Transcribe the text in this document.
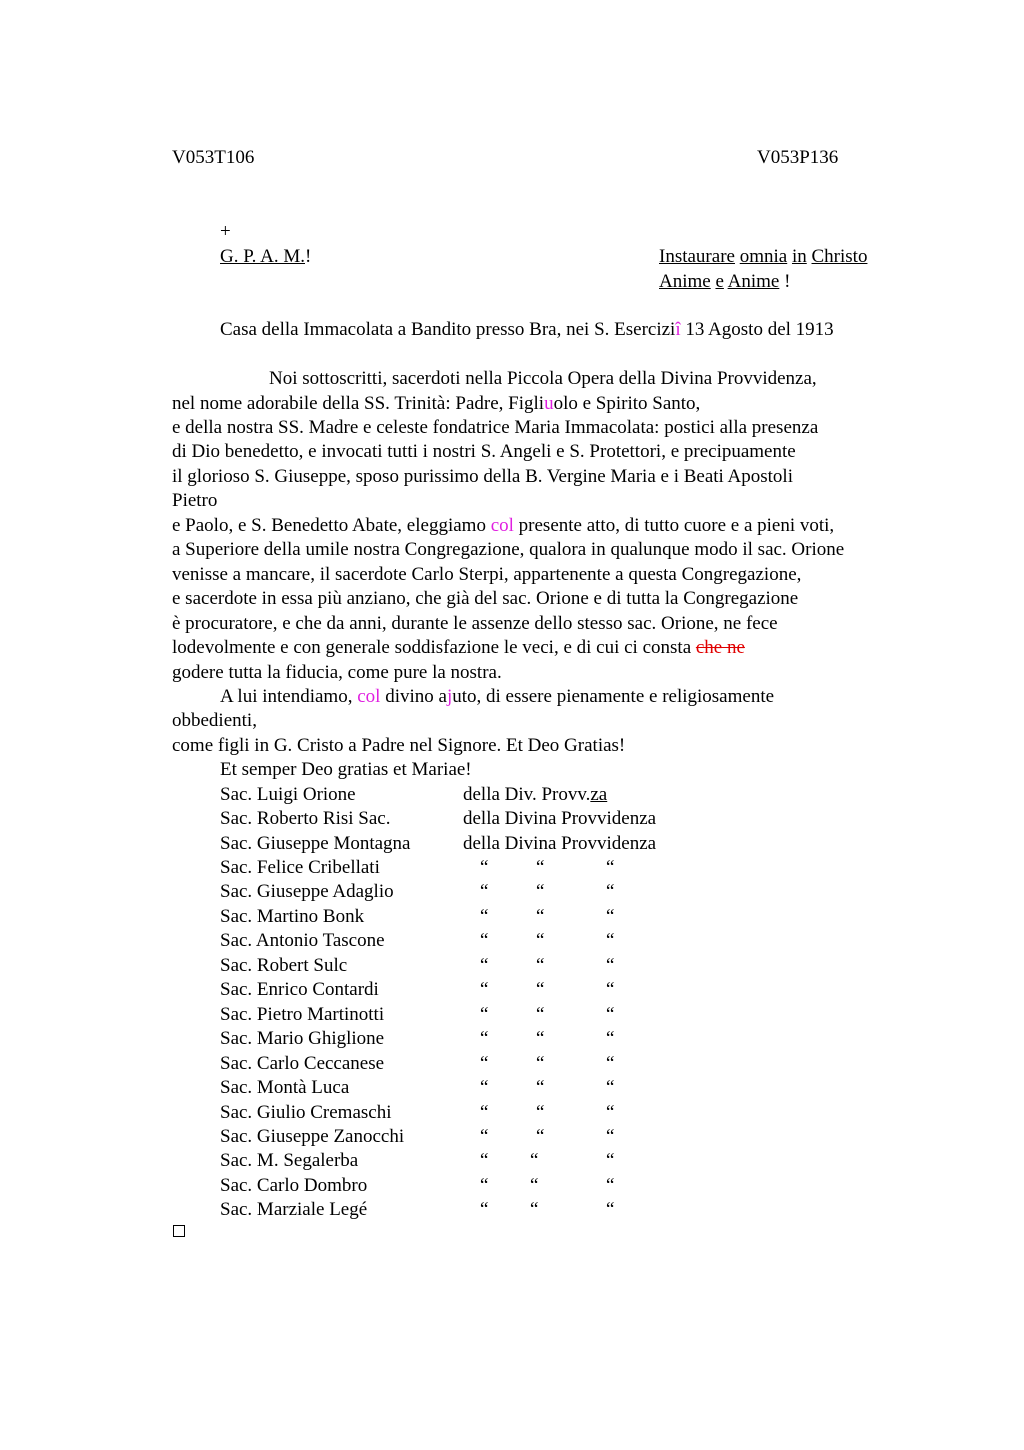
V053T106	V053P136
+
G. P. A. M.!	Instaurare omnia in Christo
Anime e Anime !
Casa della Immacolata a Bandito presso Bra, nei S. Eserciziî 13 Agosto del 1913
Noi sottoscritti, sacerdoti nella Piccola Opera della Divina Provvidenza,
nel nome adorabile della SS. Trinità: Padre, Figliuolo e Spirito Santo,
e della nostra SS. Madre e celeste fondatrice Maria Immacolata: postici alla presenza
di Dio benedetto, e invocati tutti i nostri S. Angeli e S. Protettori, e precipuamente
il glorioso S. Giuseppe, sposo purissimo della B. Vergine Maria e i Beati Apostoli
Pietro
e Paolo, e S. Benedetto Abate, eleggiamo col presente atto, di tutto cuore e a pieni voti,
a Superiore della umile nostra Congregazione, qualora in qualunque modo il sac. Orione
venisse a mancare, il sacerdote Carlo Sterpi, appartenente a questa Congregazione,
e sacerdote in essa più anziano, che già del sac. Orione e di tutta la Congregazione
è procuratore, e che da anni, durante le assenze dello stesso sac. Orione, ne fece
lodevolmente e con generale soddisfazione le veci, e di cui ci consta che ne
godere tutta la fiducia, come pure la nostra.
A lui intendiamo, col divino ajuto, di essere pienamente e religiosamente
obbedienti,
come figli in G. Cristo a Padre nel Signore. Et Deo Gratias!
Et semper Deo gratias et Mariae!
Sac. Luigi Orione	della Div. Provv.za
Sac. Roberto Risi Sac.	della Divina Provvidenza
Sac. Giuseppe Montagna	della Divina Provvidenza
Sac. Felice Cribellati	“	“	“
Sac. Giuseppe Adaglio	“	“	“
Sac. Martino Bonk	“	“	“
Sac. Antonio Tascone	“	“	“
Sac. Robert Sulc	“	“	“
Sac. Enrico Contardi	“	“	“
Sac. Pietro Martinotti	“	“	“
Sac. Mario Ghiglione	“	“	“
Sac. Carlo Ceccanese	“	“	“
Sac. Montà Luca	“	“	“
Sac. Giulio Cremaschi	“	“	“
Sac. Giuseppe Zanocchi	“	“	“
Sac. M. Segalerba	“ “	“
Sac. Carlo Dombro	“ “	“
Sac. Marziale Legé	“ “	“
